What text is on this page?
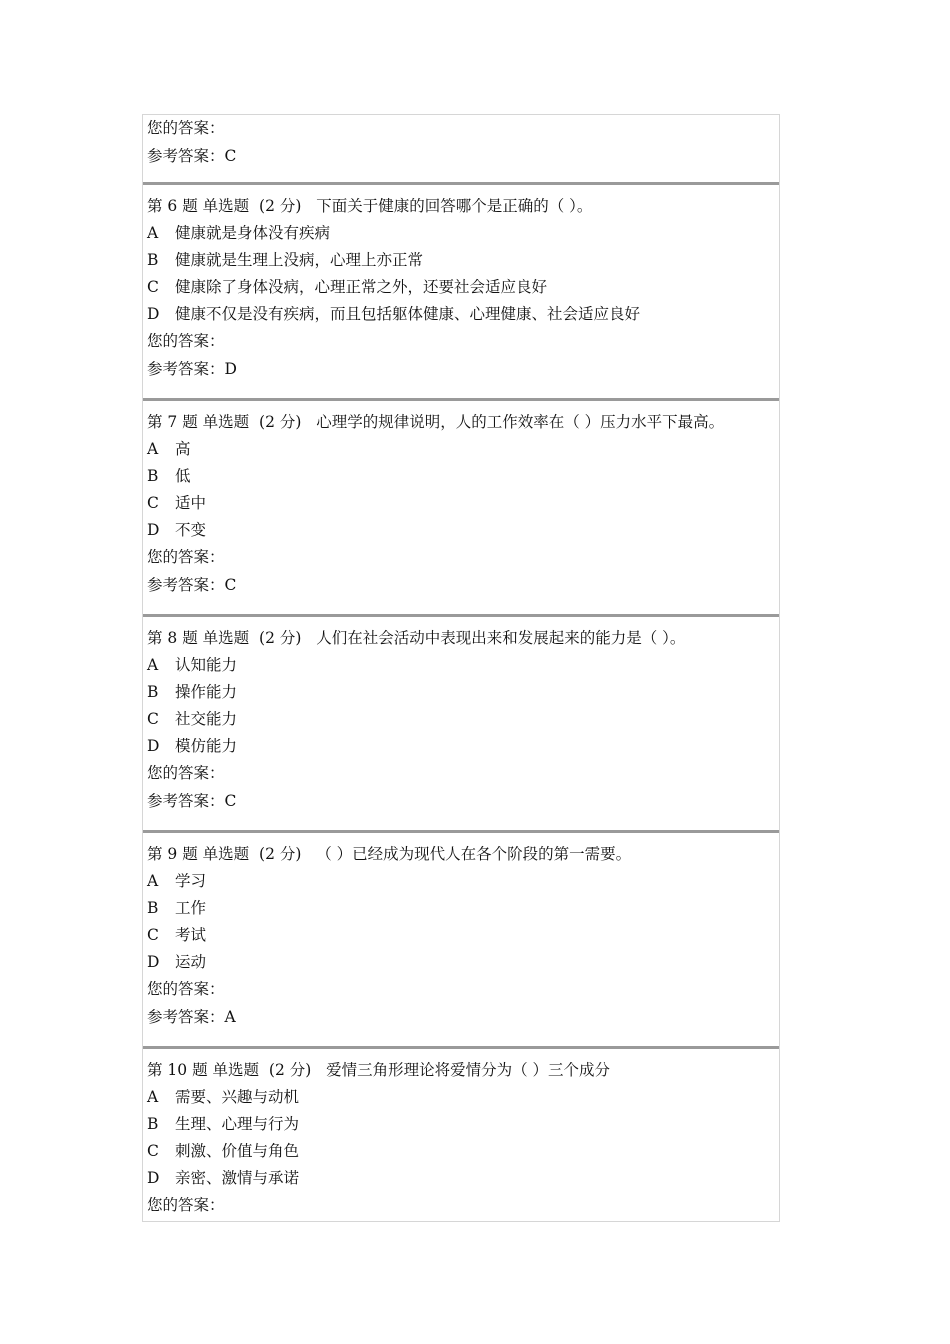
您的答案：
参考答案：C
第 6 题 单选题 (2 分) 下面关于健康的回答哪个是正确的（ ）。
A 健康就是身体没有疾病
B 健康就是生理上没病，心理上亦正常
C 健康除了身体没病，心理正常之外，还要社会适应良好
D 健康不仅是没有疾病，而且包括躯体健康、心理健康、社会适应良好
您的答案：
参考答案：D
第 7 题 单选题 (2 分) 心理学的规律说明，人的工作效率在（ ）压力水平下最高。
A 高
B 低
C 适中
D 不变
您的答案：
参考答案：C
第 8 题 单选题 (2 分) 人们在社会活动中表现出来和发展起来的能力是（ ）。
A 认知能力
B 操作能力
C 社交能力
D 模仿能力
您的答案：
参考答案：C
第 9 题 单选题 (2 分) （ ）已经成为现代人在各个阶段的第一需要。
A 学习
B 工作
C 考试
D 运动
您的答案：
参考答案：A
第 10 题 单选题 (2 分) 爱情三角形理论将爱情分为（ ）三个成分
A 需要、兴趣与动机
B 生理、心理与行为
C 刺激、价值与角色
D 亲密、激情与承诺
您的答案：
